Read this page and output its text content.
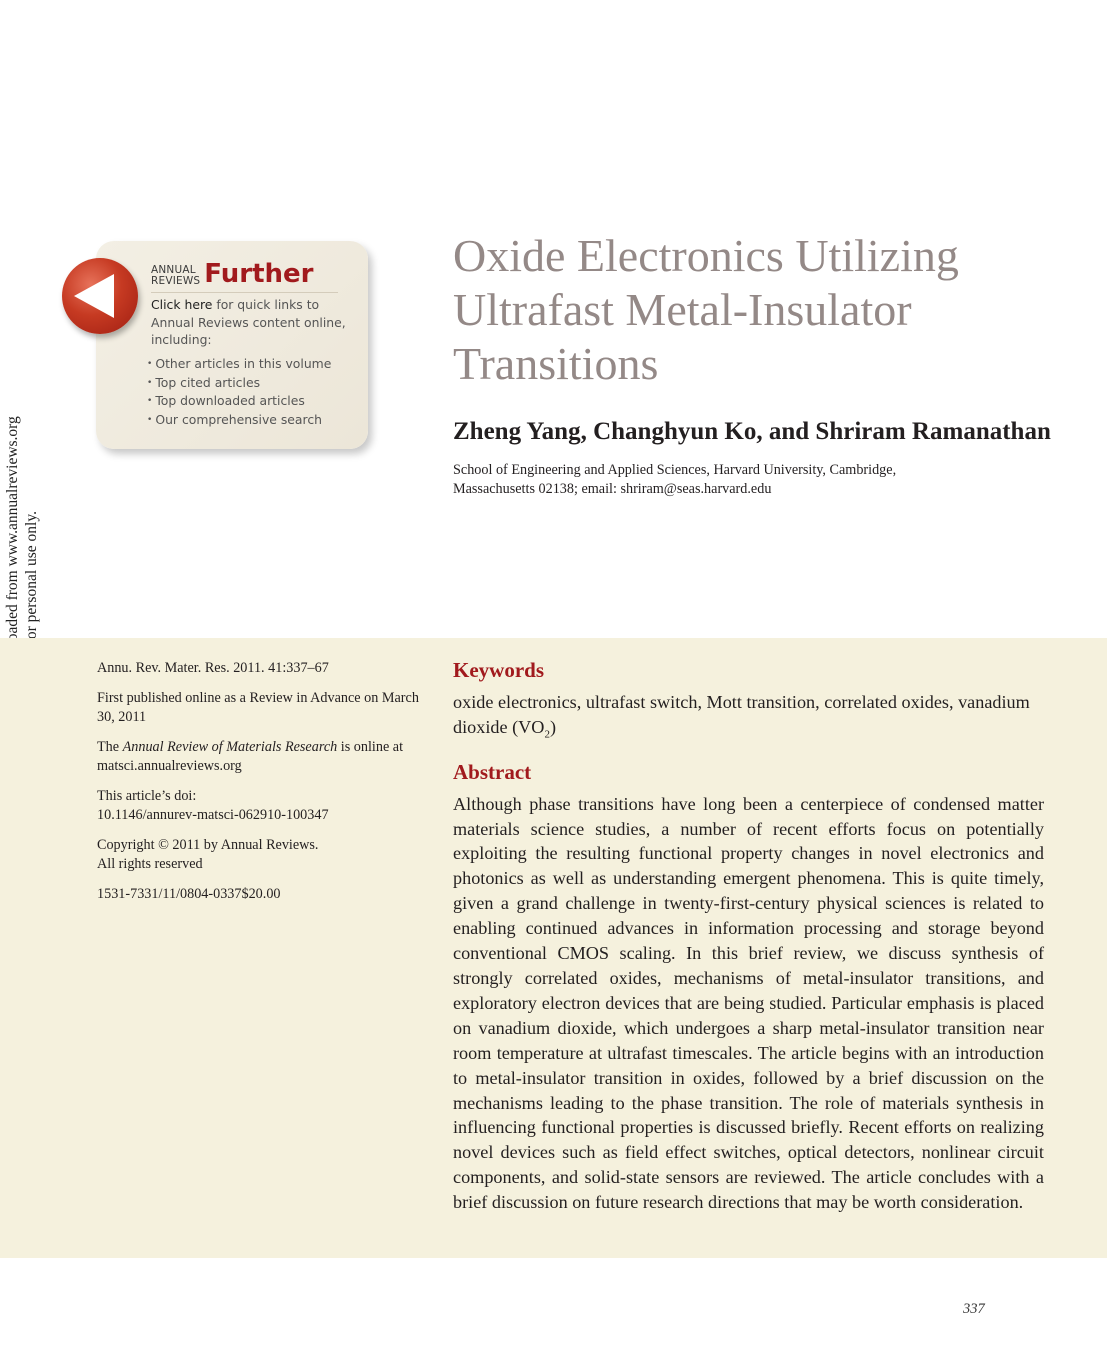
ANNUAL
REVIEWS Further
Click here for quick links to Annual Reviews content online, including:
• Other articles in this volume
• Top cited articles
• Top downloaded articles
• Our comprehensive search
Oxide Electronics Utilizing Ultrafast Metal-Insulator Transitions
Zheng Yang, Changhyun Ko, and Shriram Ramanathan
School of Engineering and Applied Sciences, Harvard University, Cambridge,
Massachusetts 02138; email: shriram@seas.harvard.edu

Annu. Rev. Mater. Res. 2011. 41:337–67

First published online as a Review in Advance on March 30, 2011

The Annual Review of Materials Research is online at matsci.annualreviews.org

This article’s doi:
10.1146/annurev-matsci-062910-100347

Copyright © 2011 by Annual Reviews.
All rights reserved

1531-7331/11/0804-0337$20.00

Keywords

oxide electronics, ultrafast switch, Mott transition, correlated oxides, vanadium dioxide $(VO_2)$

Abstract

Although phase transitions have long been a centerpiece of condensed matter materials science studies, a number of recent efforts focus on potentially exploiting the resulting functional property changes in novel electronics and photonics as well as understanding emergent phenomena. This is quite timely, given a grand challenge in twenty-first-century physical sciences is related to enabling continued advances in information processing and storage beyond conventional CMOS scaling. In this brief review, we discuss synthesis of strongly correlated oxides, mechanisms of metal-insulator transitions, and exploratory electron devices that are being studied. Particular emphasis is placed on vanadium dioxide, which undergoes a sharp metal-insulator transition near room temperature at ultrafast timescales. The article begins with an introduction to metal-insulator transition in oxides, followed by a brief discussion on the mechanisms leading to the phase transition. The role of materials synthesis in influencing functional properties is discussed briefly. Recent efforts on realizing novel devices such as field effect switches, optical detectors, nonlinear circuit components, and solid-state sensors are reviewed. The article concludes with a brief discussion on future research directions that may be worth consideration.

337
